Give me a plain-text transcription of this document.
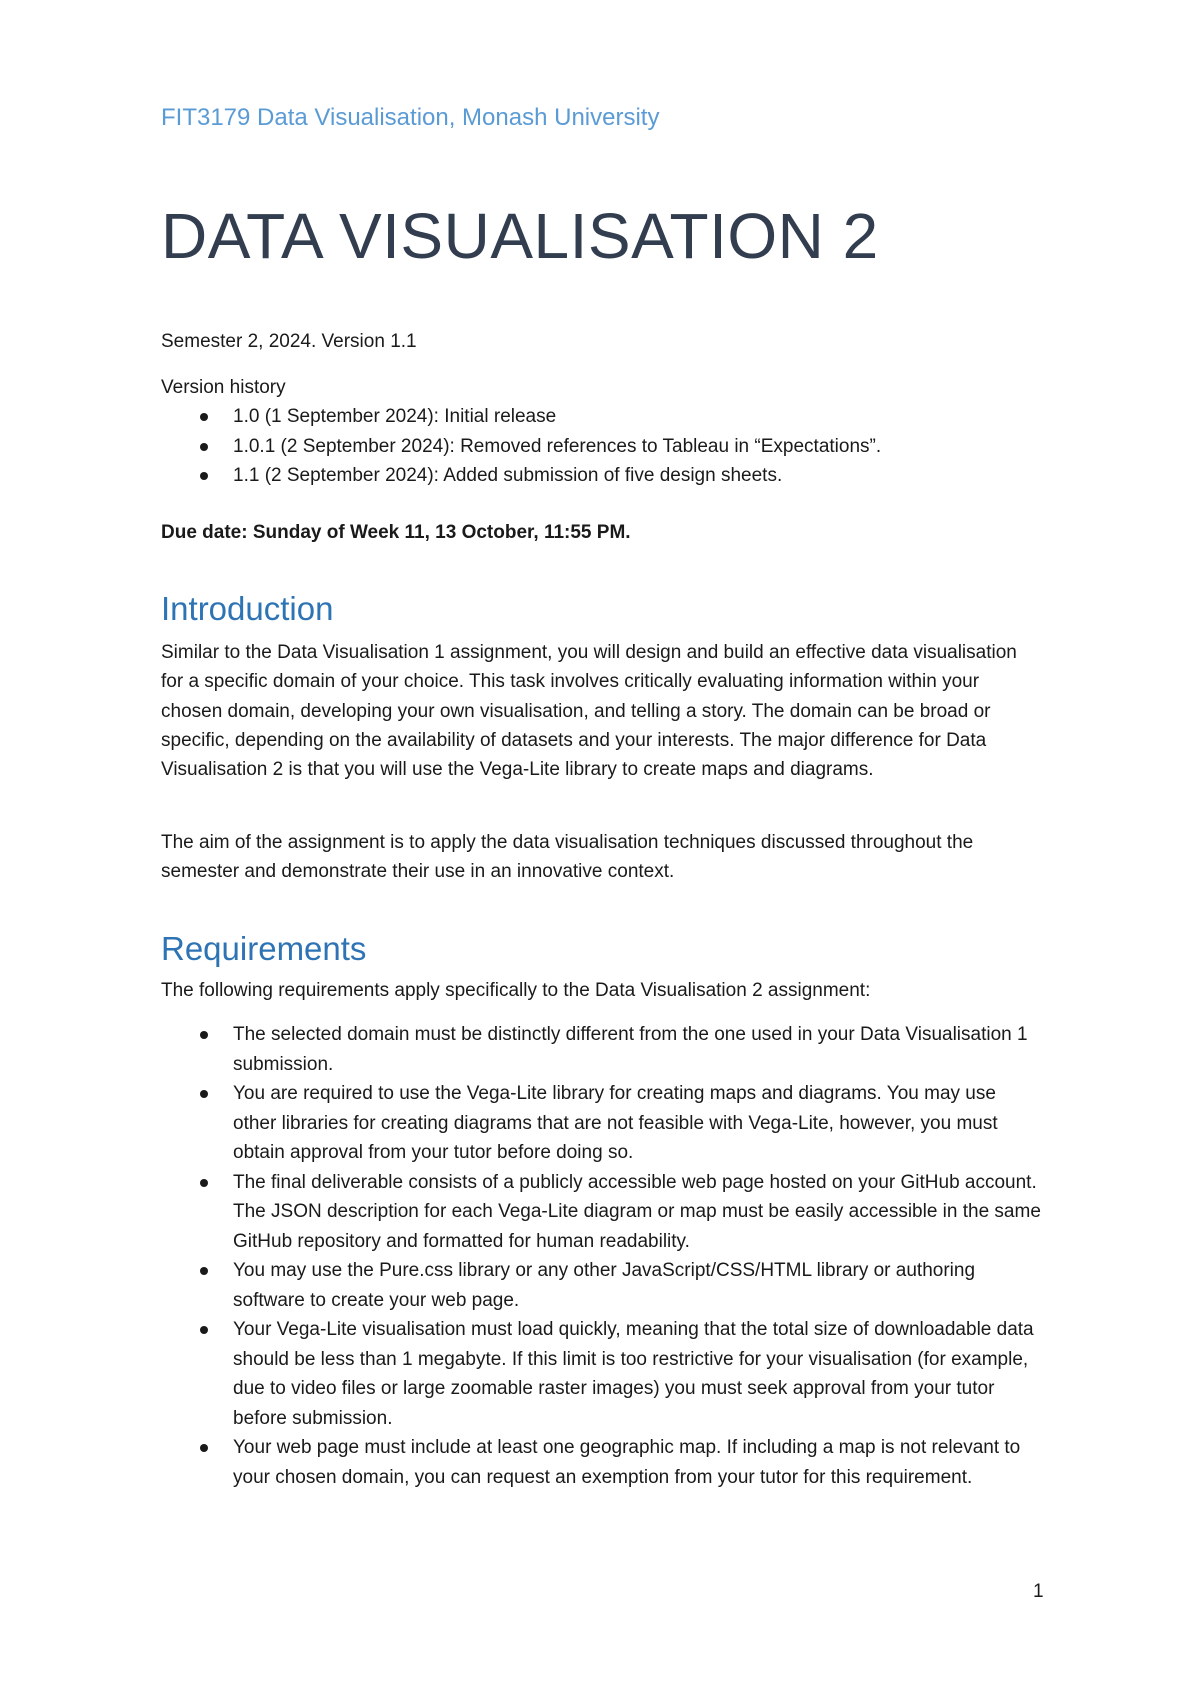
FIT3179 Data Visualisation, Monash University
DATA VISUALISATION 2
Semester 2, 2024. Version 1.1
Version history
1.0 (1 September 2024): Initial release
1.0.1 (2 September 2024): Removed references to Tableau in “Expectations”.
1.1 (2 September 2024): Added submission of five design sheets.
Due date: Sunday of Week 11, 13 October, 11:55 PM.
Introduction

Similar to the Data Visualisation 1 assignment, you will design and build an effective data visualisation for a specific domain of your choice. This task involves critically evaluating information within your chosen domain, developing your own visualisation, and telling a story. The domain can be broad or specific, depending on the availability of datasets and your interests. The major difference for Data Visualisation 2 is that you will use the Vega-Lite library to create maps and diagrams.

The aim of the assignment is to apply the data visualisation techniques discussed throughout the semester and demonstrate their use in an innovative context.

Requirements

The following requirements apply specifically to the Data Visualisation 2 assignment:

The selected domain must be distinctly different from the one used in your Data Visualisation 1 submission.
You are required to use the Vega-Lite library for creating maps and diagrams. You may use other libraries for creating diagrams that are not feasible with Vega-Lite, however, you must obtain approval from your tutor before doing so.
The final deliverable consists of a publicly accessible web page hosted on your GitHub account. The JSON description for each Vega-Lite diagram or map must be easily accessible in the same GitHub repository and formatted for human readability.
You may use the Pure.css library or any other JavaScript/CSS/HTML library or authoring software to create your web page.
Your Vega-Lite visualisation must load quickly, meaning that the total size of downloadable data should be less than 1 megabyte. If this limit is too restrictive for your visualisation (for example, due to video files or large zoomable raster images) you must seek approval from your tutor before submission.
Your web page must include at least one geographic map. If including a map is not relevant to your chosen domain, you can request an exemption from your tutor for this requirement.
1
